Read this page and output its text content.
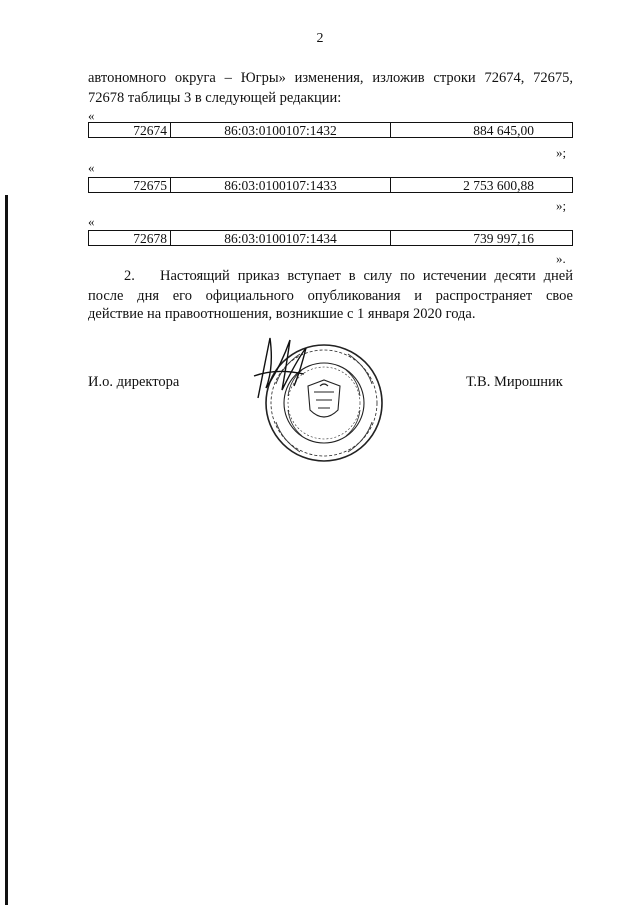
2
автономного округа – Югры» изменения, изложив строки 72674, 72675,
72678 таблицы 3 в следующей редакции:
«
72674	86:03:0100107:1432	884 645,00
»;
«
72675	86:03:0100107:1433	2 753 600,88
»;
«
72678	86:03:0100107:1434	739 997,16
».
2. Настоящий приказ вступает в силу по истечении десяти дней
после дня его официального опубликования и распространяет свое
действие на правоотношения, возникшие с 1 января 2020 года.
И.о. директора	Т.В. Мирошник
